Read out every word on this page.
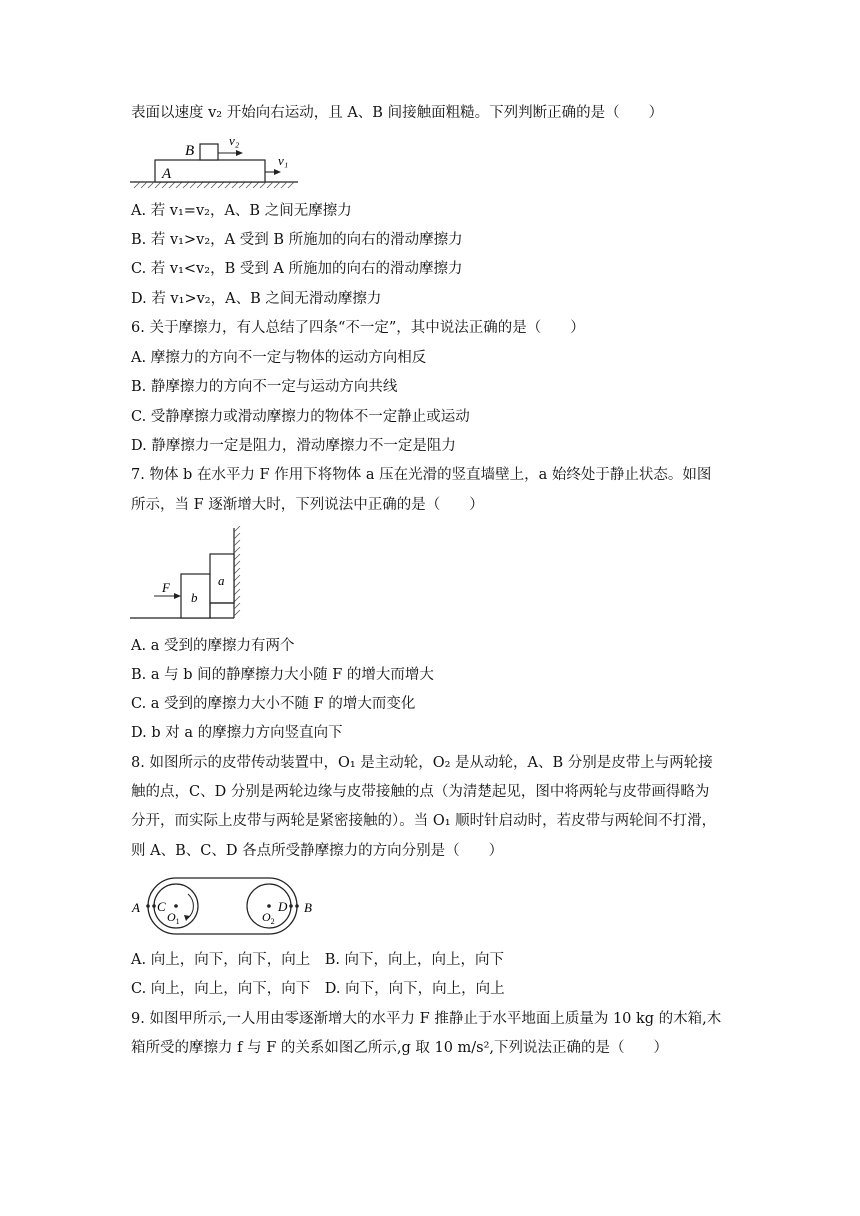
表面以速度 v₂ 开始向右运动，且 A、B 间接触面粗糙。下列判断正确的是（　　）
A
B
v₂
v₁
A. 若 v₁=v₂，A、B 之间无摩擦力
B. 若 v₁>v₂，A 受到 B 所施加的向右的滑动摩擦力
C. 若 v₁<v₂，B 受到 A 所施加的向右的滑动摩擦力
D. 若 v₁>v₂，A、B 之间无滑动摩擦力
6. 关于摩擦力，有人总结了四条“不一定”，其中说法正确的是（　　）
A. 摩擦力的方向不一定与物体的运动方向相反
B. 静摩擦力的方向不一定与运动方向共线
C. 受静摩擦力或滑动摩擦力的物体不一定静止或运动
D. 静摩擦力一定是阻力，滑动摩擦力不一定是阻力
7. 物体 b 在水平力 F 作用下将物体 a 压在光滑的竖直墙壁上，a 始终处于静止状态。如图
所示，当 F 逐渐增大时，下列说法中正确的是（　　）
F	a
b
A. a 受到的摩擦力有两个
B. a 与 b 间的静摩擦力大小随 F 的增大而增大
C. a 受到的摩擦力大小不随 F 的增大而变化
D. b 对 a 的摩擦力方向竖直向下
8. 如图所示的皮带传动装置中，O₁ 是主动轮，O₂ 是从动轮，A、B 分别是皮带上与两轮接
触的点，C、D 分别是两轮边缘与皮带接触的点（为清楚起见，图中将两轮与皮带画得略为
分开，而实际上皮带与两轮是紧密接触的）。当 O₁ 顺时针启动时，若皮带与两轮间不打滑，
则 A、B、C、D 各点所受静摩擦力的方向分别是（　　）
A C
$O_1$	$O_2$
D B
A. 向上，向下，向下，向上　B. 向下，向上，向上，向下
C. 向上，向上，向下，向下　D. 向下，向下，向上，向上
9. 如图甲所示,一人用由零逐渐增大的水平力 F 推静止于水平地面上质量为 10 kg 的木箱,木
箱所受的摩擦力 f 与 F 的关系如图乙所示,g 取 10 m/s²,下列说法正确的是（　　）
